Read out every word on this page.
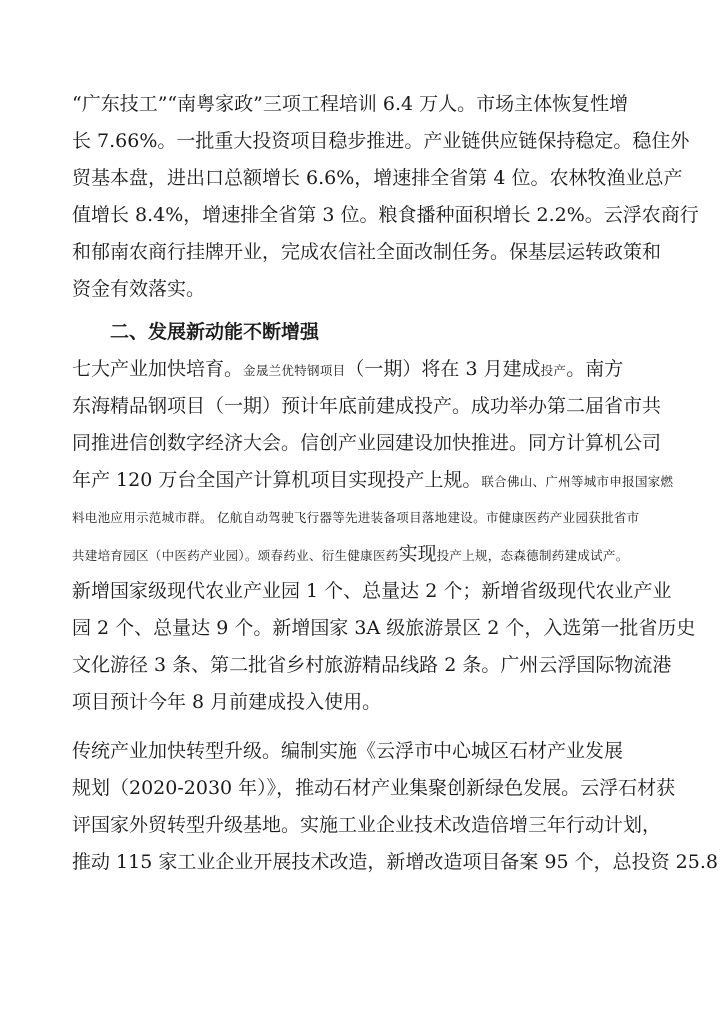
“广东技工”“南粤家政”三项工程培训 6.4 万人。市场主体恢复性增
长 7.66%。一批重大投资项目稳步推进。产业链供应链保持稳定。稳住外
贸基本盘，进出口总额增长 6.6%，增速排全省第 4 位。农林牧渔业总产
值增长 8.4%，增速排全省第 3 位。粮食播种面积增长 2.2%。云浮农商行
和郁南农商行挂牌开业，完成农信社全面改制任务。保基层运转政策和
资金有效落实。
二、发展新动能不断增强
七大产业加快培育。金晟兰优特钢项目（一期）将在 3 月建成投产。南方
东海精品钢项目（一期）预计年底前建成投产。成功举办第二届省市共
同推进信创数字经济大会。信创产业园建设加快推进。同方计算机公司
年产 120 万台全国产计算机项目实现投产上规。联合佛山、广州等城市申报国家燃
料电池应用示范城市群。 亿航自动驾驶飞行器等先进装备项目落地建设。市健康医药产业园获批省市
共建培育园区（中医药产业园）。颂春药业、衍生健康医药实现投产上规，态森德制药建成试产。
新增国家级现代农业产业园 1 个、总量达 2 个；新增省级现代农业产业
园 2 个、总量达 9 个。新增国家 3A 级旅游景区 2 个，入选第一批省历史
文化游径 3 条、第二批省乡村旅游精品线路 2 条。广州云浮国际物流港
项目预计今年 8 月前建成投入使用。
传统产业加快转型升级。编制实施《云浮市中心城区石材产业发展
规划（2020-2030 年）》，推动石材产业集聚创新绿色发展。云浮石材获
评国家外贸转型升级基地。实施工业企业技术改造倍增三年行动计划，
推动 115 家工业企业开展技术改造，新增改造项目备案 95 个，总投资 25.8
